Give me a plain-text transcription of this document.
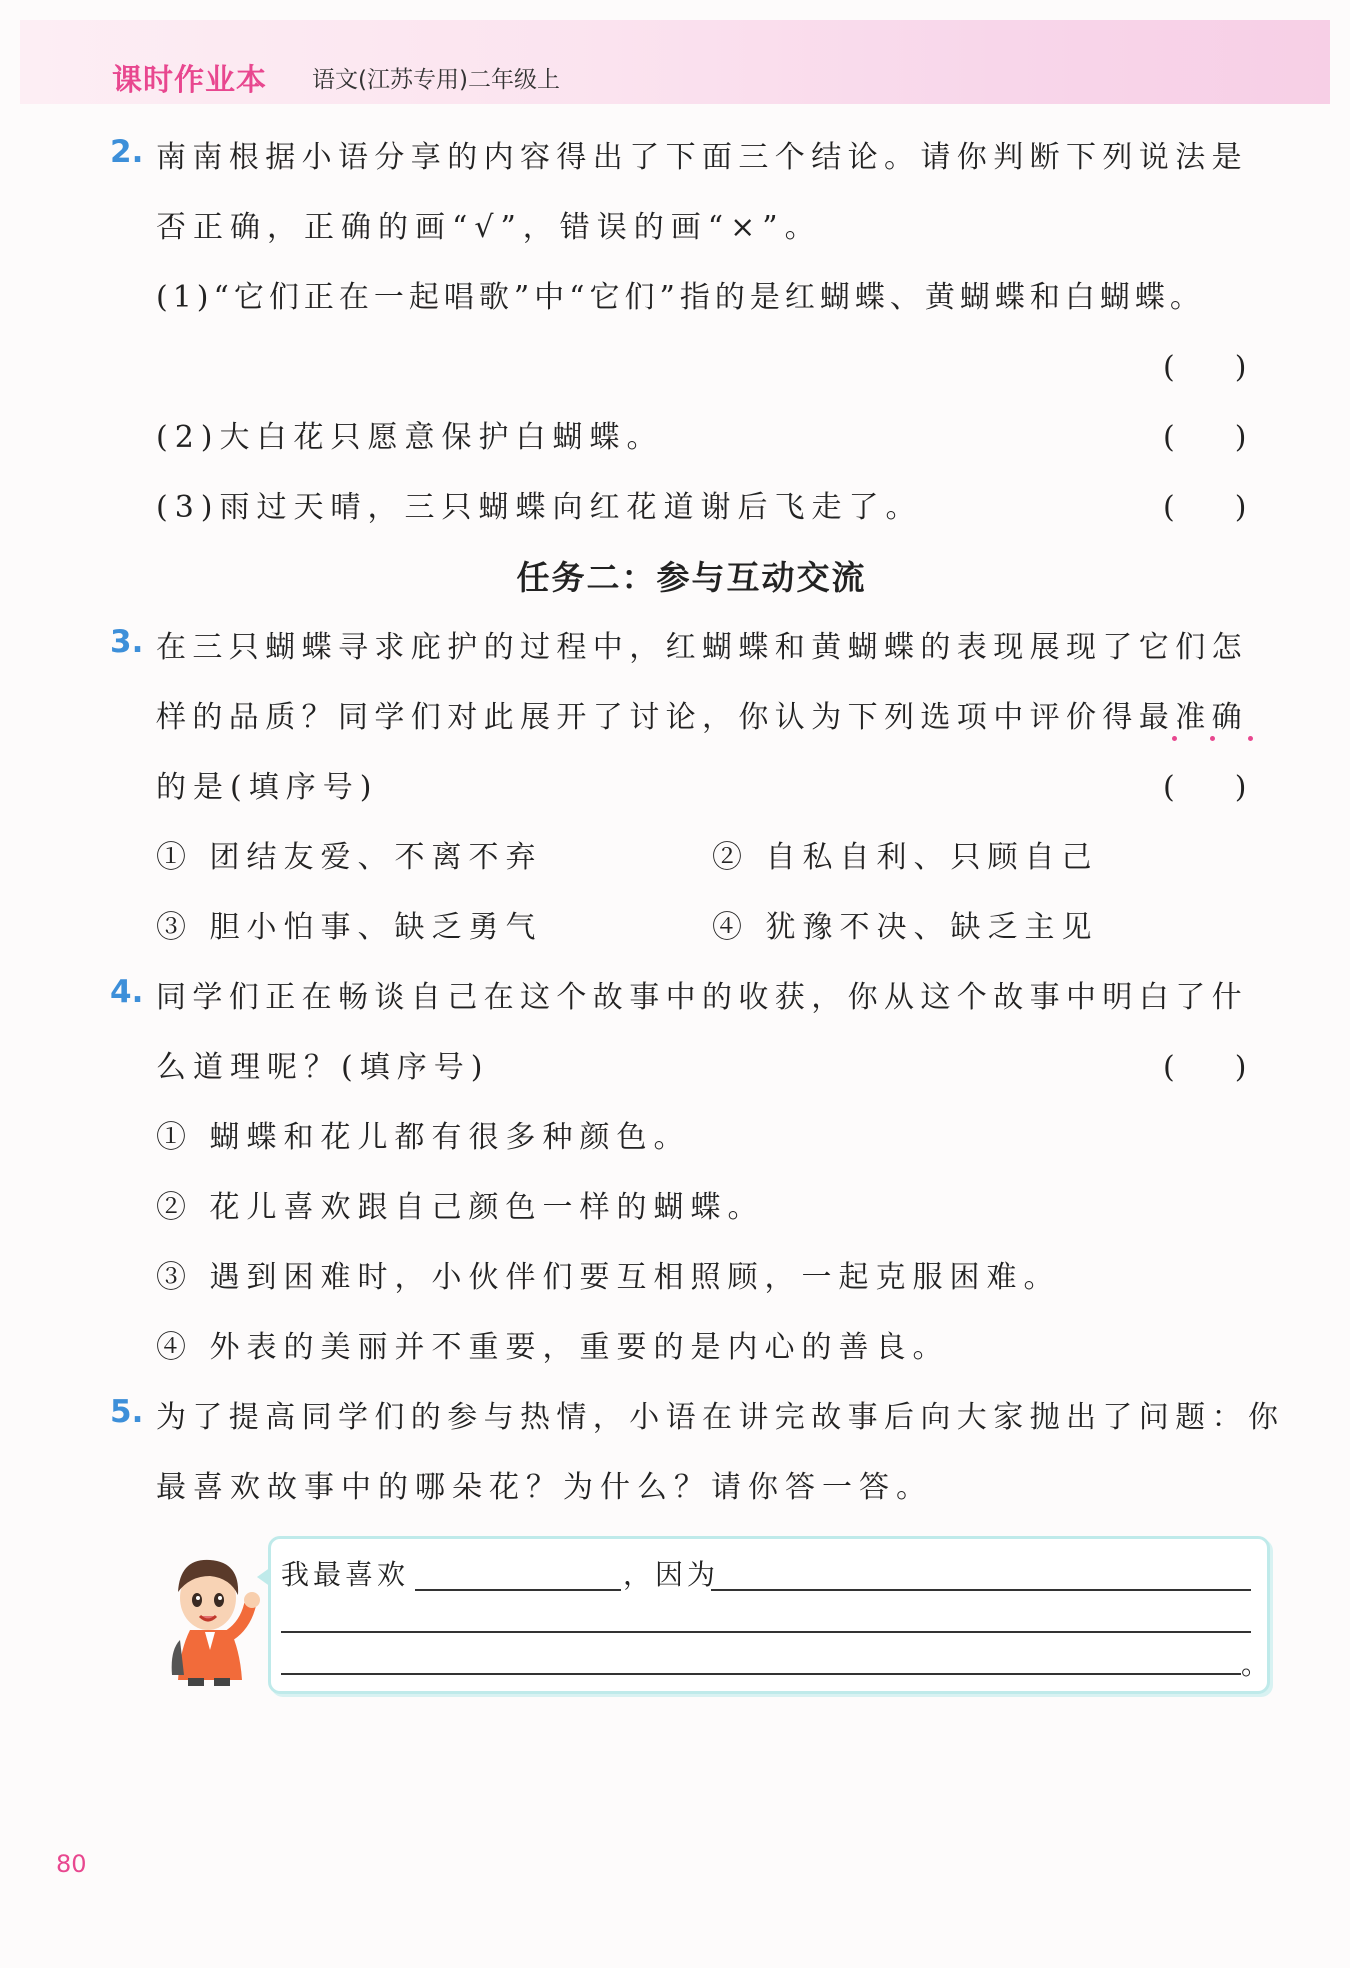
课时作业本 语文(江苏专用)二年级上
2. 南南根据小语分享的内容得出了下面三个结论。请你判断下列说法是
否正确，正确的画“√”，错误的画“×”。
(1)“它们正在一起唱歌”中“它们”指的是红蝴蝶、黄蝴蝶和白蝴蝶。
(　　)
(2)大白花只愿意保护白蝴蝶。	(　　)
(3)雨过天晴，三只蝴蝶向红花道谢后飞走了。	(　　)
任务二：参与互动交流
3. 在三只蝴蝶寻求庇护的过程中，红蝴蝶和黄蝴蝶的表现展现了它们怎
样的品质？同学们对此展开了讨论，你认为下列选项中评价得最准确
的是(填序号)	(　　)
① 团结友爱、不离不弃	② 自私自利、只顾自己
③ 胆小怕事、缺乏勇气	④ 犹豫不决、缺乏主见
4. 同学们正在畅谈自己在这个故事中的收获，你从这个故事中明白了什
么道理呢？(填序号)	(　　)
① 蝴蝶和花儿都有很多种颜色。
② 花儿喜欢跟自己颜色一样的蝴蝶。
③ 遇到困难时，小伙伴们要互相照顾，一起克服困难。
④ 外表的美丽并不重要，重要的是内心的善良。
5. 为了提高同学们的参与热情，小语在讲完故事后向大家抛出了问题：你
最喜欢故事中的哪朵花？为什么？请你答一答。
我最喜欢	，因为
。
80
